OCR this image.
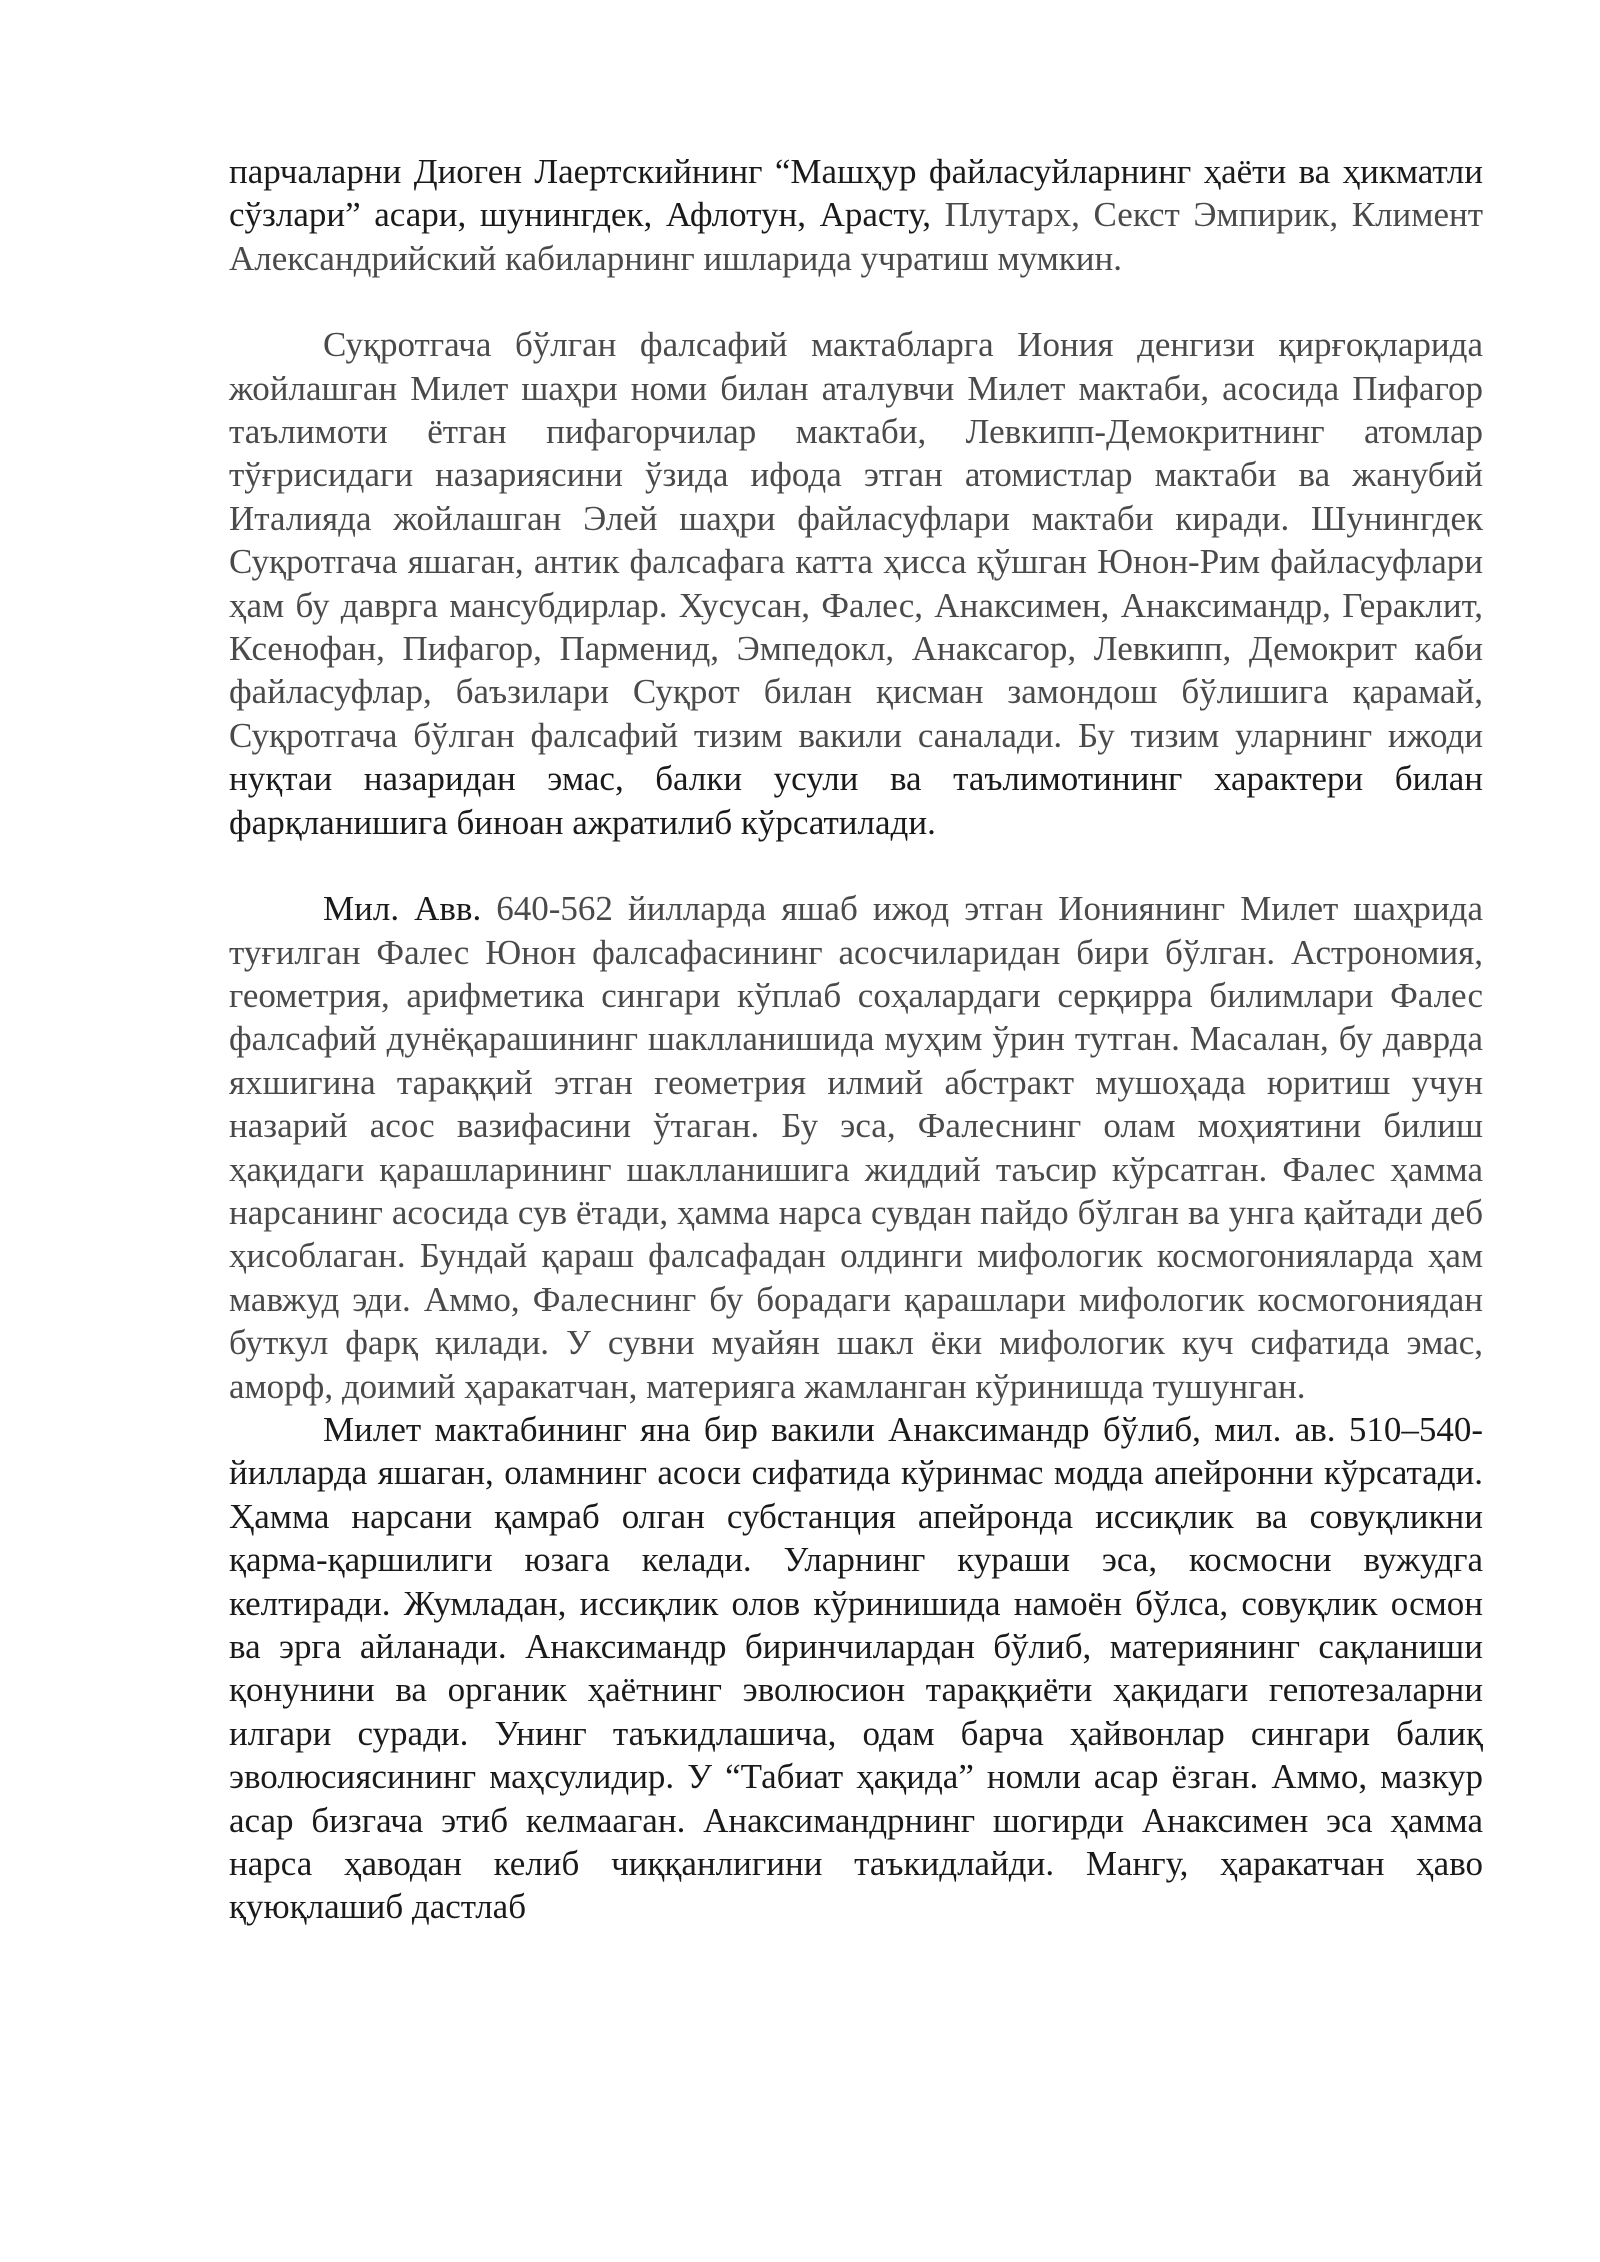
парчаларни Диоген Лаертскийнинг “Машҳур файласуйларнинг ҳаёти ва ҳикматли сўзлари” асари, шунингдек, Афлотун, Арасту, Плутарх, Секст Эмпирик, Климент Александрийский кабиларнинг ишларида учратиш мумкин.

Суқротгача бўлган фалсафий мактабларга Иония денгизи қирғоқларида жойлашган Милет шаҳри номи билан аталувчи Милет мактаби, асосида Пифагор таълимоти ётган пифагорчилар мактаби, Левкипп-Демокритнинг атомлар тўғрисидаги назариясини ўзида ифода этган атомистлар мактаби ва жанубий Италияда жойлашган Элей шаҳри файласуфлари мактаби киради. Шунингдек Суқротгача яшаган, антик фалсафага катта ҳисса қўшган Юнон-Рим файласуфлари ҳам бу даврга мансубдирлар. Хусусан, Фалес, Анаксимен, Анаксимандр, Гераклит, Ксенофан, Пифагор, Парменид, Эмпедокл, Анаксагор, Левкипп, Демокрит каби файласуфлар, баъзилари Суқрот билан қисман замондош бўлишига қарамай, Суқротгача бўлган фалсафий тизим вакили саналади. Бу тизим уларнинг ижоди нуқтаи назаридан эмас, балки усули ва таълимотининг характери билан фарқланишига биноан ажратилиб кўрсатилади.

Мил. Авв. 640-562 йилларда яшаб ижод этган Иониянинг Милет шаҳрида туғилган Фалес Юнон фалсафасининг асосчиларидан бири бўлган. Астрономия, геометрия, арифметика сингари кўплаб соҳалардаги серқирра билимлари Фалес фалсафий дунёқарашининг шаклланишида муҳим ўрин тутган. Масалан, бу даврда яхшигина тараққий этган геометрия илмий абстракт мушоҳада юритиш учун назарий асос вазифасини ўтаган. Бу эса, Фалеснинг олам моҳиятини билиш ҳақидаги қарашларининг шаклланишига жиддий таъсир кўрсатган. Фалес ҳамма нарсанинг асосида сув ётади, ҳамма нарса сувдан пайдо бўлган ва унга қайтади деб ҳисоблаган. Бундай қараш фалсафадан олдинги мифологик космогонияларда ҳам мавжуд эди. Аммо, Фалеснинг бу борадаги қарашлари мифологик космогониядан буткул фарқ қилади. У сувни муайян шакл ёки мифологик куч сифатида эмас, аморф, доимий ҳаракатчан, материяга жамланган кўринишда тушунган.

Милет мактабининг яна бир вакили Анаксимандр бўлиб, мил. ав. 510–540- йилларда яшаган, оламнинг асоси сифатида кўринмас модда апейронни кўрсатади. Ҳамма нарсани қамраб олган субстанция апейронда иссиқлик ва совуқликни қарма-қаршилиги юзага келади. Уларнинг кураши эса, космосни вужудга келтиради. Жумладан, иссиқлик олов кўринишида намоён бўлса, совуқлик осмон ва эрга айланади. Анаксимандр биринчилардан бўлиб, материянинг сақланиши қонунини ва органик ҳаётнинг эволюсион тараққиёти ҳақидаги гепотезаларни илгари суради. Унинг таъкидлашича, одам барча ҳайвонлар сингари балиқ эволюсиясининг маҳсулидир. У “Табиат ҳақида” номли асар ёзган. Аммо, мазкур асар бизгача этиб келмааган. Анаксимандрнинг шогирди Анаксимен эса ҳамма нарса ҳаводан келиб чиққанлигини таъкидлайди. Мангу, ҳаракатчан ҳаво қуюқлашиб дастлаб
